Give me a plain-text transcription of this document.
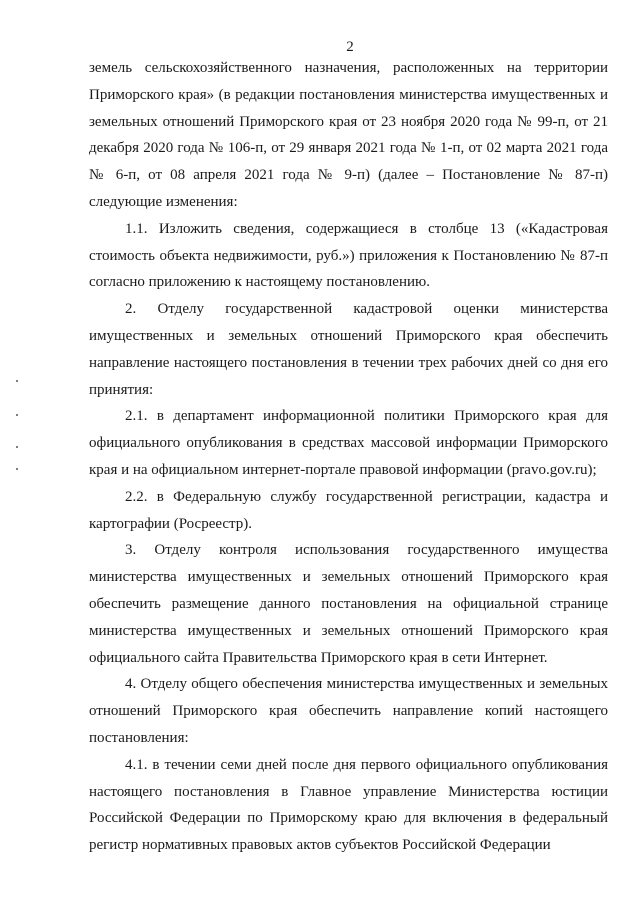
2

земель сельскохозяйственного назначения, расположенных на территории Приморского края» (в редакции постановления министерства имущественных и земельных отношений Приморского края от 23 ноября 2020 года № 99-п, от 21 декабря 2020 года № 106-п, от 29 января 2021 года № 1-п, от 02 марта 2021 года № 6-п, от 08 апреля 2021 года № 9-п) (далее – Постановление № 87-п) следующие изменения:

1.1. Изложить сведения, содержащиеся в столбце 13 («Кадастровая стоимость объекта недвижимости, руб.») приложения к Постановлению № 87-п согласно приложению к настоящему постановлению.

2. Отделу государственной кадастровой оценки министерства имущественных и земельных отношений Приморского края обеспечить направление настоящего постановления в течении трех рабочих дней со дня его принятия:

2.1. в департамент информационной политики Приморского края для официального опубликования в средствах массовой информации Приморского края и на официальном интернет-портале правовой информации (pravo.gov.ru);

2.2. в Федеральную службу государственной регистрации, кадастра и картографии (Росреестр).

3. Отделу контроля использования государственного имущества министерства имущественных и земельных отношений Приморского края обеспечить размещение данного постановления на официальной странице министерства имущественных и земельных отношений Приморского края официального сайта Правительства Приморского края в сети Интернет.

4. Отделу общего обеспечения министерства имущественных и земельных отношений Приморского края обеспечить направление копий настоящего постановления:

4.1. в течении семи дней после дня первого официального опубликования настоящего постановления в Главное управление Министерства юстиции Российской Федерации по Приморскому краю для включения в федеральный регистр нормативных правовых актов субъектов Российской Федерации
